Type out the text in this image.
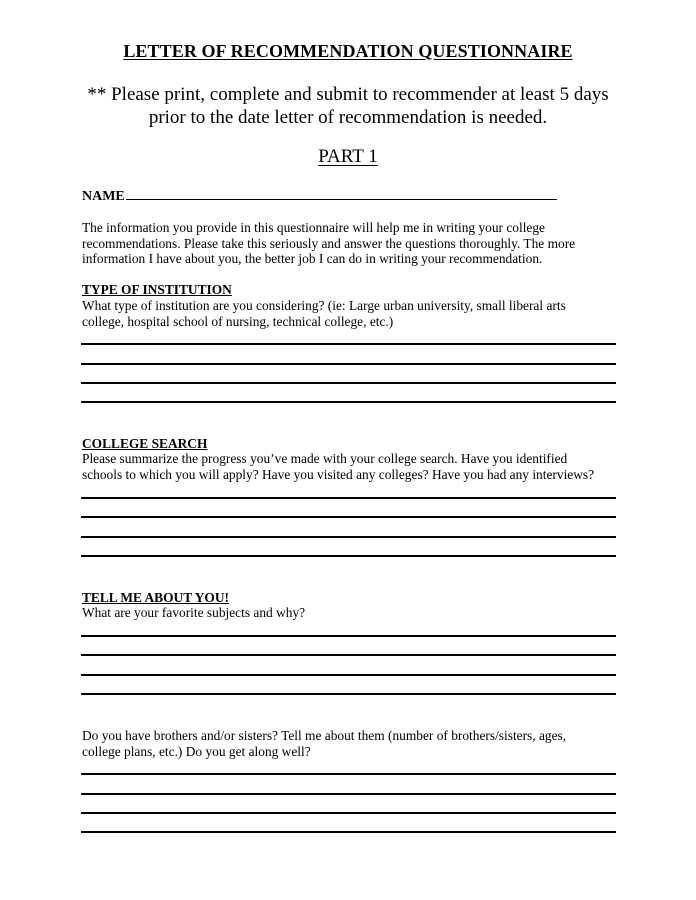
LETTER OF RECOMMENDATION QUESTIONNAIRE
** Please print, complete and submit to recommender at least 5 days
prior to the date letter of recommendation is needed.
PART 1
NAME
The information you provide in this questionnaire will help me in writing your college
recommendations. Please take this seriously and answer the questions thoroughly. The more
information I have about you, the better job I can do in writing your recommendation.
TYPE OF INSTITUTION
What type of institution are you considering? (ie: Large urban university, small liberal arts
college, hospital school of nursing, technical college, etc.)
COLLEGE SEARCH
Please summarize the progress you’ve made with your college search. Have you identified
schools to which you will apply? Have you visited any colleges? Have you had any interviews?
TELL ME ABOUT YOU!
What are your favorite subjects and why?
Do you have brothers and/or sisters? Tell me about them (number of brothers/sisters, ages,
college plans, etc.) Do you get along well?
